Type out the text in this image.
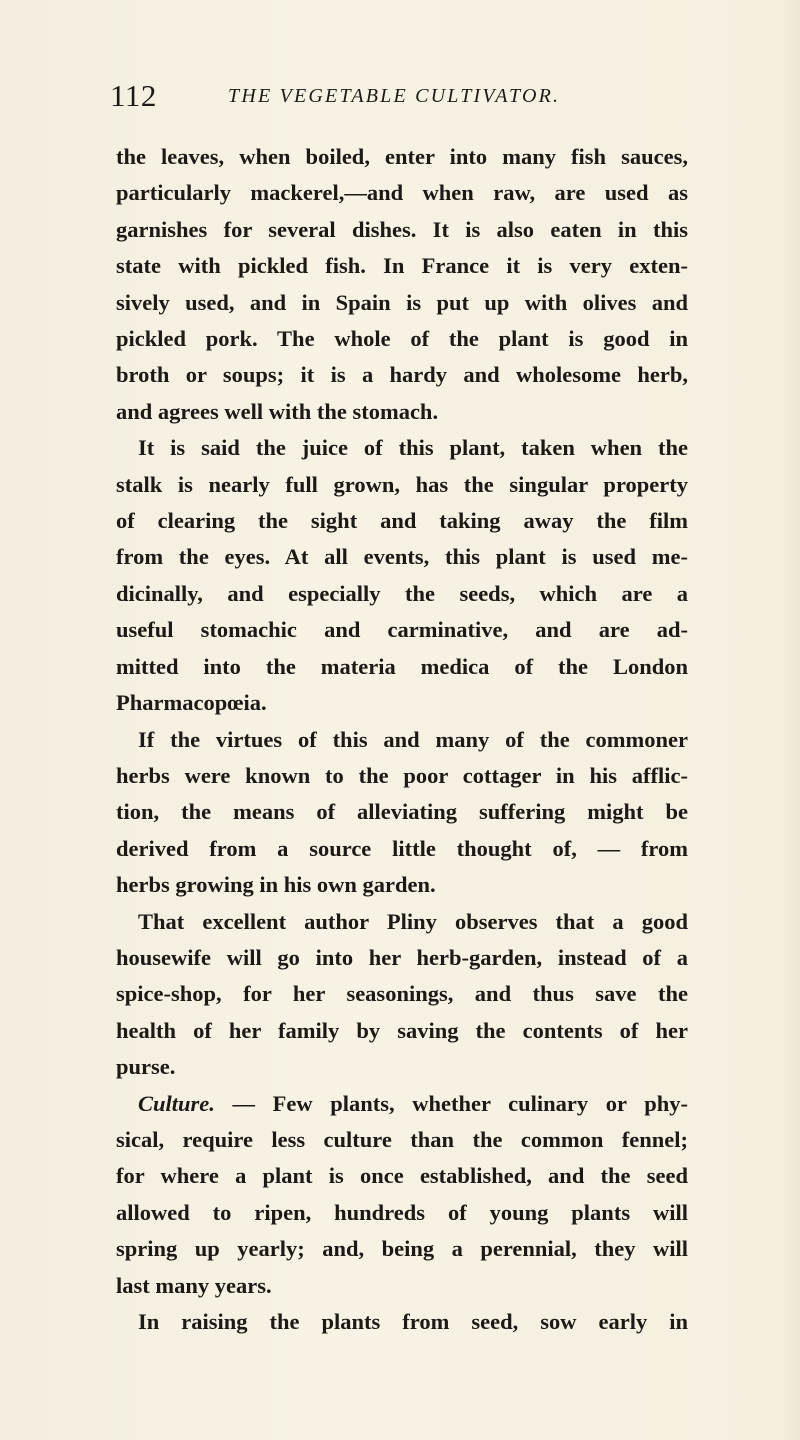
112	THE VEGETABLE CULTIVATOR.
the leaves, when boiled, enter into many fish sauces,
particularly mackerel,—and when raw, are used as
garnishes for several dishes. It is also eaten in this
state with pickled fish. In France it is very exten-
sively used, and in Spain is put up with olives and
pickled pork. The whole of the plant is good in
broth or soups; it is a hardy and wholesome herb,
and agrees well with the stomach.
It is said the juice of this plant, taken when the
stalk is nearly full grown, has the singular property
of clearing the sight and taking away the film
from the eyes. At all events, this plant is used me-
dicinally, and especially the seeds, which are a
useful stomachic and carminative, and are ad-
mitted into the materia medica of the London
Pharmacopœia.
If the virtues of this and many of the commoner
herbs were known to the poor cottager in his afflic-
tion, the means of alleviating suffering might be
derived from a source little thought of, — from
herbs growing in his own garden.
That excellent author Pliny observes that a good
housewife will go into her herb-garden, instead of a
spice-shop, for her seasonings, and thus save the
health of her family by saving the contents of her
purse.
Culture. — Few plants, whether culinary or phy-
sical, require less culture than the common fennel;
for where a plant is once established, and the seed
allowed to ripen, hundreds of young plants will
spring up yearly; and, being a perennial, they will
last many years.
In raising the plants from seed, sow early in
